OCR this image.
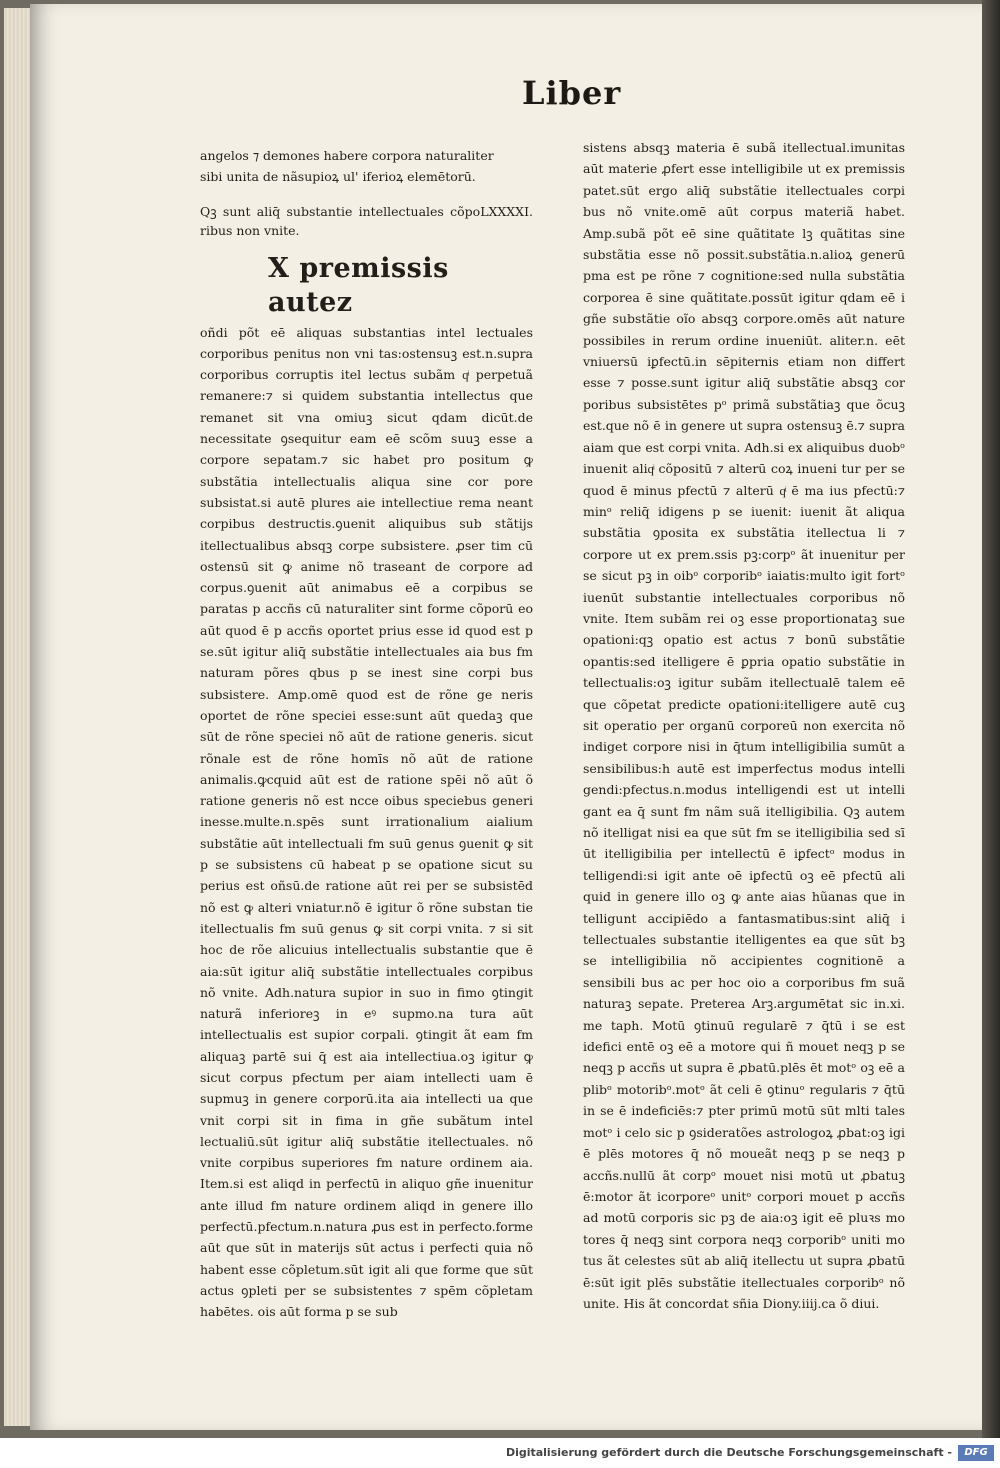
Liber

angelos ⁊ demones habere corpora naturaliter

sibi unita de nãsupioꝝ ul' iferioꝝ elemētorū.

LXXXXI.
Qꝫ sunt aliq̄ substantie intellectuales cõpo ribus non vnite.

X premissis autez

oñdi põt eē aliquas substantias intel lectuales corporibus penitus non vni tas:ostensuꝫ est.n.supra corporibus corruptis itel lectus subãm qͥ perpetuã remanere:⁊ si quidem substantia intellectus que remanet sit vna omiuꝫ sicut qdam dicūt.de necessitate ꝯsequitur eam eē scõm suuꝫ esse a corpore sepatam.⁊ sic habet pro positum ꝙ substãtia intellectualis aliqua sine cor pore subsistat.si autē plures aie intellectiue rema neant corpibus destructis.ꝯuenit aliquibus sub stãtijs itellectualibus absqꝫ corpe subsistere. ꝓser tim cū ostensū sit ꝙ anime nõ traseant de corpore ad corpus.ꝯuenit aūt animabus eē a corpibus se paratas p accñs cū naturaliter sint forme cõporū eo aūt quod ē p accñs oportet prius esse id quod est p se.sūt igitur aliq̄ substãtie intellectuales aia bus fm naturam põres qbus p se inest sine corpi bus subsistere. Amp.omē quod est de rõne ge neris oportet de rõne speciei esse:sunt aūt quedaꝫ que sūt de rõne speciei nõ aūt de ratione generis. sicut rõnale est de rõne homīs nõ aūt de ratione animalis.ꝙcquid aūt est de ratione spēi nõ aūt õ ratione generis nõ est ncce oibus speciebus generi inesse.multe.n.spēs sunt irrationalium aialium substãtie aūt intellectuali fm suū genus ꝯuenit ꝙ sit p se subsistens cū habeat p se opatione sicut su perius est oñsū.de ratione aūt rei per se subsistēd nõ est ꝙ alteri vniatur.nõ ē igitur õ rõne substan tie itellectualis fm suū genus ꝙ sit corpi vnita. ⁊ si sit hoc de rõe alicuius intellectualis substantie que ē aia:sūt igitur aliq̄ substãtie intellectuales corpibus nõ vnite. Adh.natura supior in suo in fimo ꝯtingit naturã inferioreꝫ in eꝰ supmo.na tura aūt intellectualis est supior corpali. ꝯtingit ãt eam fm aliquaꝫ partē sui q̄ est aia intellectiua.oꝫ igitur ꝙ sicut corpus pfectum per aiam intellecti uam ē supmuꝫ in genere corporū.ita aia intellecti ua que vnit corpi sit in fima in gñe subãtum intel lectualiū.sūt igitur aliq̄ substãtie itellectuales. nõ vnite corpibus superiores fm nature ordinem aia. Item.si est aliqd in perfectū in aliquo gñe inuenitur ante illud fm nature ordinem aliqd in genere illo perfectū.pfectum.n.natura ꝓus est in perfecto.forme aūt que sūt in materijs sūt actus i perfecti quia nõ habent esse cõpletum.sūt igit ali que forme que sūt actus ꝯpleti per se subsistentes ⁊ spēm cõpletam habētes. ois aūt forma p se sub

sistens absqꝫ materia ē subã itellectual.imunitas aūt materie ꝓfert esse intelligibile ut ex premissis patet.sūt ergo aliq̄ substãtie itellectuales corpi bus nõ vnite.omē aūt corpus materiã habet. Amp.subã põt eē sine quãtitate lꝫ quãtitas sine substãtia esse nõ possit.substãtia.n.alioꝝ generū pma est pe rõne ⁊ cognitione:sed nulla substãtia corporea ē sine quãtitate.possūt igitur qdam eē i gñe substãtie oĩo absqꝫ corpore.omēs aūt nature possibiles in rerum ordine inueniūt. aliter.n. eēt vniuersū iꝑfectū.in sēpiternis etiam non differt esse ⁊ posse.sunt igitur aliq̄ substãtie absqꝫ cor poribus subsistētes pᵒ primã substãtiaꝫ que õcuꝫ est.que nõ ē in genere ut supra ostensuꝫ ē.⁊ supra aiam que est corpi vnita. Adh.si ex aliquibus duobᵒ inuenit aliqͥ cõpositū ⁊ alterū coꝝ inueni tur per se quod ē minus pfectū ⁊ alterū qͥ ē ma ius pfectū:⁊ minᵒ reliq̄ idigens p se iuenit: iuenit ãt aliqua substãtia ꝯposita ex substãtia itellectua li ⁊ corpore ut ex prem.ssis pꝫ:corpᵒ ãt inuenitur per se sicut pꝫ in oibᵒ corporibᵒ iaiatis:multo igit fortᵒ iuenūt substantie intellectuales corporibus nõ vnite. Item subãm rei oꝫ esse proportionataꝫ sue opationi:qꝫ opatio est actus ⁊ bonū substãtie opantis:sed itelligere ē ꝑpria opatio substãtie in tellectualis:oꝫ igitur subãm itellectualē talem eē que cõpetat predicte opationi:itelligere autē cuꝫ sit operatio per organū corporeū non exercita nõ indiget corpore nisi in q̄tum intelligibilia sumūt a sensibilibus:h autē est imperfectus modus intelli gendi:pfectus.n.modus intelligendi est ut intelli gant ea q̄ sunt fm nãm suã itelligibilia. Qꝫ autem nõ itelligat nisi ea que sūt fm se itelligibilia sed sī ūt itelligibilia per intellectū ē iꝑfectᵒ modus in telligendi:si igit ante oē iꝑfectū oꝫ eē pfectū ali quid in genere illo oꝫ ꝙ ante aias hũanas que in telligunt accipiēdo a fantasmatibus:sint aliq̄ i tellectuales substantie itelligentes ea que sūt bꝫ se intelligibilia nõ accipientes cognitionē a sensibili bus ac per hoc oio a corporibus fm suã naturaꝫ sepate. Preterea Arꝫ.argumētat sic in.xi. me taph. Motū ꝯtinuū regularē ⁊ q̄tū i se est idefici entē oꝫ eē a motore qui ñ mouet neqꝫ p se neqꝫ p accñs ut supra ē ꝓbatū.plēs ēt motᵒ oꝫ eē a plibᵒ motoribᵒ.motᵒ ãt celi ē ꝯtinuᵒ regularis ⁊ q̄tū in se ē indeficiēs:⁊ pter primū motū sūt mlti tales motᵒ i celo sic p ꝯsideratões astrologoꝝ ꝓbat:oꝫ igi ē plēs motores q̄ nõ moueãt neqꝫ p se neqꝫ p accñs.nullū ãt corpᵒ mouet nisi motū ut ꝓbatuꝫ ē:motor ãt icorporeᵒ unitᵒ corpori mouet p accñs ad motū corporis sic pꝫ de aia:oꝫ igit eē pluꝛs mo tores q̄ neqꝫ sint corpora neqꝫ corporibᵒ uniti mo tus ãt celestes sūt ab aliq̄ itellectu ut supra ꝓbatū ē:sūt igit plēs substãtie itellectuales corporibᵒ nõ unite. His ãt concordat sñia Diony.iiij.ca õ diui.

Digitalisierung gefördert durch die Deutsche Forschungsgemeinschaft -	DFG
